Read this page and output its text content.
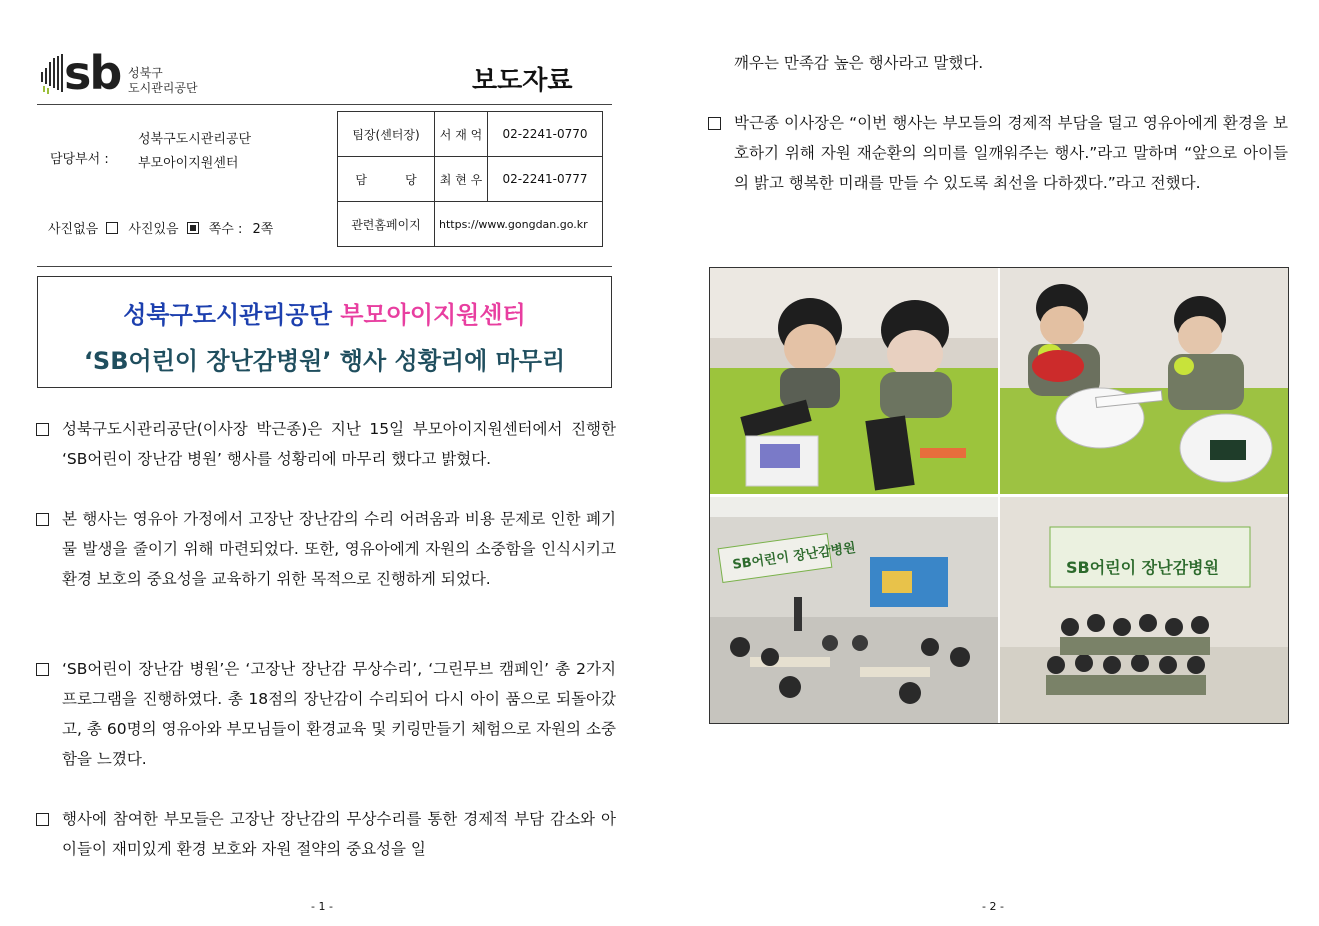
sb 성북구
도시관리공단	보도자료
담당부서 :
성북구도시관리공단
부모아이지원센터
사진없음 사진있음 쪽수 : 2쪽
팀장(센터장)	서 재 억	02-2241-0770
담          당	최 현 우	02-2241-0777
관련홈페이지	https://www.gongdan.go.kr	
성북구도시관리공단 부모아이지원센터
‘SB어린이 장난감병원’ 행사 성황리에 마무리
성북구도시관리공단(이사장 박근종)은 지난 15일 부모아이지원센터에서 진행한 ‘SB어린이 장난감 병원’ 행사를 성황리에 마무리 했다고 밝혔다.
본 행사는 영유아 가정에서 고장난 장난감의 수리 어려움과 비용 문제로 인한 폐기물 발생을 줄이기 위해 마련되었다. 또한, 영유아에게 자원의 소중함을 인식시키고 환경 보호의 중요성을 교육하기 위한 목적으로 진행하게 되었다.
‘SB어린이 장난감 병원’은 ‘고장난 장난감 무상수리’, ‘그린무브 캠페인’ 총 2가지 프로그램을 진행하였다. 총 18점의 장난감이 수리되어 다시 아이 품으로 되돌아갔고, 총 60명의 영유아와 부모님들이 환경교육 및 키링만들기 체험으로 자원의 소중함을 느꼈다.
행사에 참여한 부모들은 고장난 장난감의 무상수리를 통한 경제적 부담 감소와 아이들이 재미있게 환경 보호와 자원 절약의 중요성을 일
- 1 -
깨우는 만족감 높은 행사라고 말했다.
박근종 이사장은 “이번 행사는 부모들의 경제적 부담을 덜고 영유아에게 환경을 보호하기 위해 자원 재순환의 의미를 일깨워주는 행사.”라고 말하며 “앞으로 아이들의 밝고 행복한 미래를 만들 수 있도록 최선을 다하겠다.”라고 전했다.
SB어린이 장난감병원	SB어린이 장난감병원
- 2 -
